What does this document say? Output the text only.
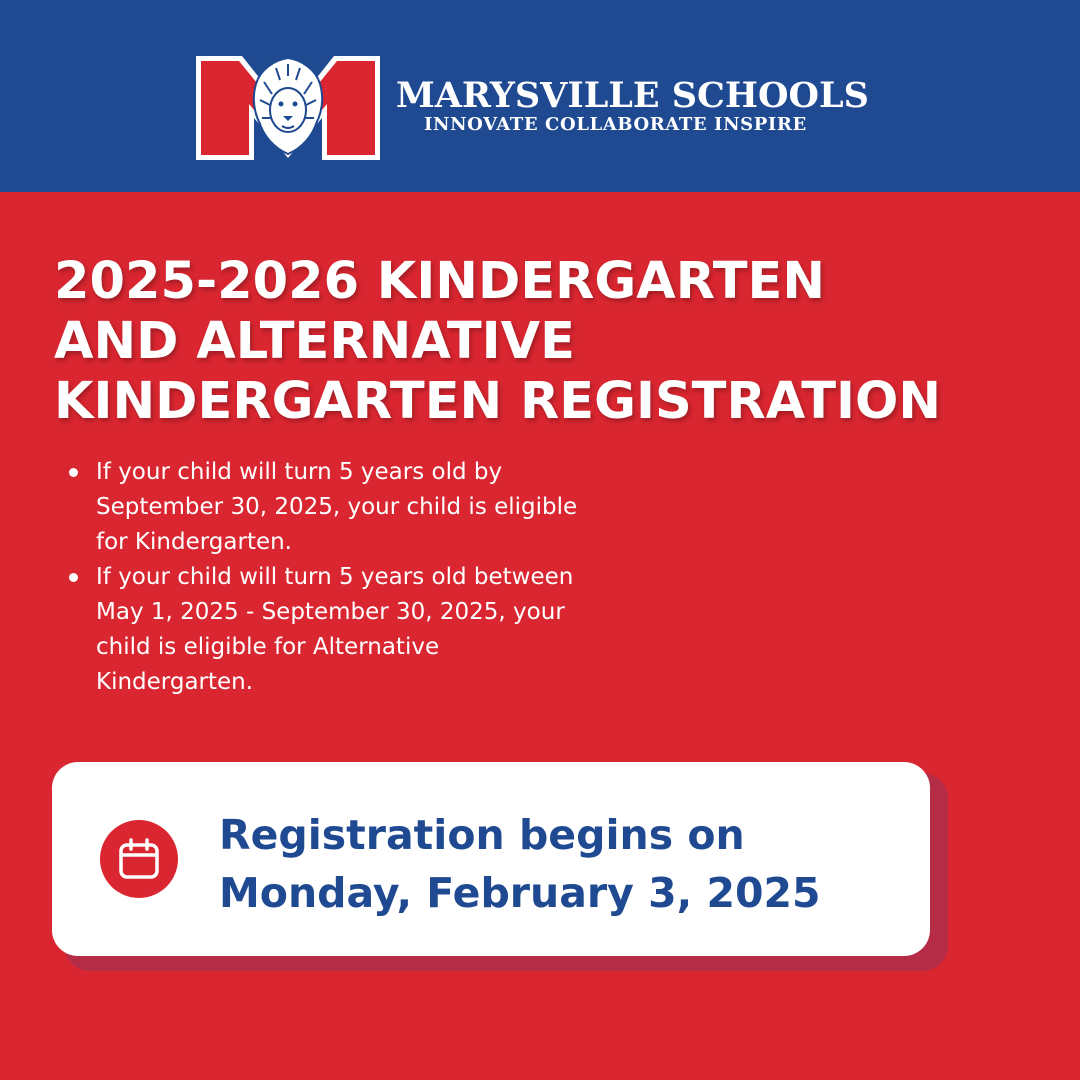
M
MARYSVILLE SCHOOLS
INNOVATE COLLABORATE INSPIRE
2025-2026 KINDERGARTEN
AND ALTERNATIVE
KINDERGARTEN REGISTRATION
If your child will turn 5 years old by
September 30, 2025, your child is eligible
for Kindergarten.
If your child will turn 5 years old between
May 1, 2025 - September 30, 2025, your
child is eligible for Alternative
Kindergarten.
Registration begins on
Monday, February 3, 2025
